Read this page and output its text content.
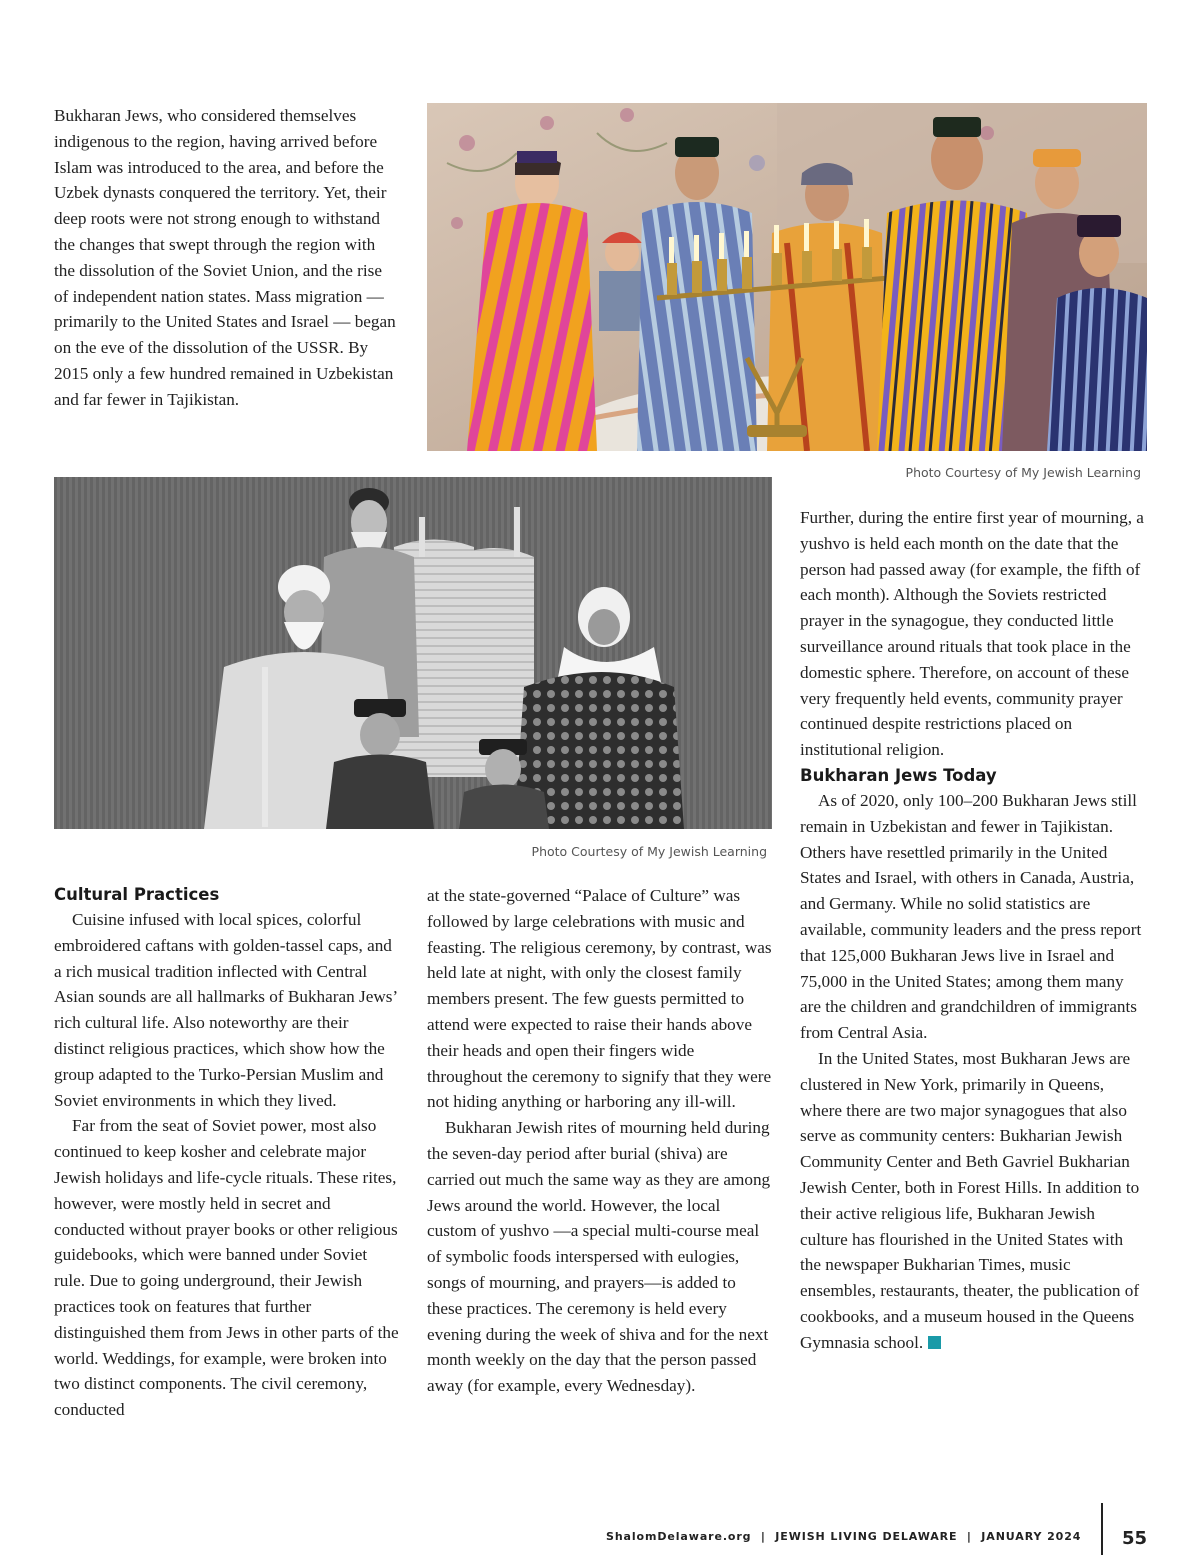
Bukharan Jews, who considered themselves indigenous to the region, having arrived before Islam was introduced to the area, and before the Uzbek dynasts conquered the territory. Yet, their deep roots were not strong enough to withstand the changes that swept through the region with the dissolution of the Soviet Union, and the rise of independent nation states. Mass migration — primarily to the United States and Israel — began on the eve of the dissolution of the USSR. By 2015 only a few hundred remained in Uzbekistan and far fewer in Tajikistan.

Photo Courtesy of My Jewish Learning
Photo Courtesy of My Jewish Learning
Cultural Practices

Cuisine infused with local spices, colorful embroidered caftans with golden-tassel caps, and a rich musical tradition inflected with Central Asian sounds are all hallmarks of Bukharan Jews’ rich cultural life. Also noteworthy are their distinct religious practices, which show how the group adapted to the Turko-Persian Muslim and Soviet environments in which they lived.

Far from the seat of Soviet power, most also continued to keep kosher and celebrate major Jewish holidays and life-cycle rituals. These rites, however, were mostly held in secret and conducted without prayer books or other religious guidebooks, which were banned under Soviet rule. Due to going underground, their Jewish practices took on features that further distinguished them from Jews in other parts of the world. Weddings, for example, were broken into two distinct components. The civil ceremony, conducted

at the state-governed “Palace of Culture” was followed by large celebrations with music and feasting. The religious ceremony, by contrast, was held late at night, with only the closest family members present. The few guests permitted to attend were expected to raise their hands above their heads and open their fingers wide throughout the ceremony to signify that they were not hiding anything or harboring any ill-will.

Bukharan Jewish rites of mourning held during the seven-day period after burial (shiva) are carried out much the same way as they are among Jews around the world. However, the local custom of yushvo —a special multi-course meal of symbolic foods interspersed with eulogies, songs of mourning, and prayers—is added to these practices. The ceremony is held every evening during the week of shiva and for the next month weekly on the day that the person passed away (for example, every Wednesday).

Further, during the entire first year of mourning, a yushvo is held each month on the date that the person had passed away (for example, the fifth of each month). Although the Soviets restricted prayer in the synagogue, they conducted little surveillance around rituals that took place in the domestic sphere. Therefore, on account of these very frequently held events, community prayer continued despite restrictions placed on institutional religion.

Bukharan Jews Today

As of 2020, only 100–200 Bukharan Jews still remain in Uzbekistan and fewer in Tajikistan. Others have resettled primarily in the United States and Israel, with others in Canada, Austria, and Germany. While no solid statistics are available, community leaders and the press report that 125,000 Bukharan Jews live in Israel and 75,000 in the United States; among them many are the children and grandchildren of immigrants from Central Asia.

In the United States, most Bukharan Jews are clustered in New York, primarily in Queens, where there are two major synagogues that also serve as community centers: Bukharian Jewish Community Center and Beth Gavriel Bukharian Jewish Center, both in Forest Hills. In addition to their active religious life, Bukharan Jewish culture has flourished in the United States with the newspaper Bukharian Times, music ensembles, restaurants, theater, the publication of cookbooks, and a museum housed in the Queens Gymnasia school.

ShalomDelaware.org  |  JEWISH LIVING DELAWARE  |  JANUARY 2024 55
